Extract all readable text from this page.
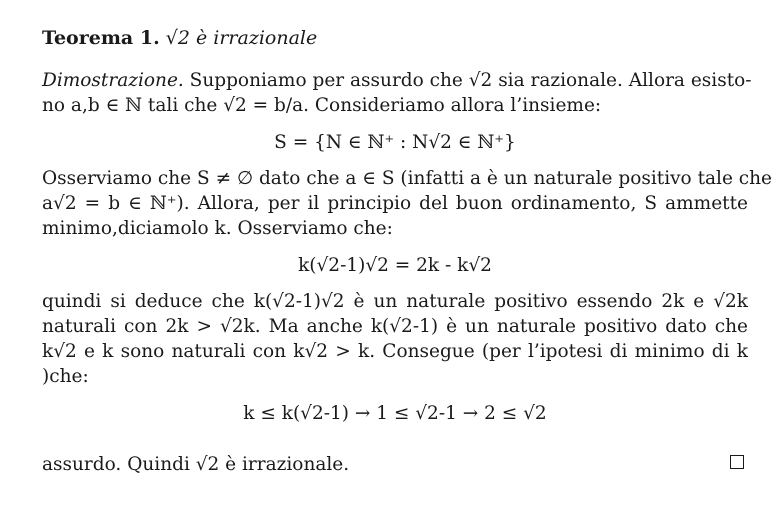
Teorema 1. √2 è irrazionale

Dimostrazione. Supponiamo per assurdo che √2 sia razionale. Allora esisto-

no a,b ∈ ℕ tali che √2 = b/a. Consideriamo allora l’insieme:

S = {N ∈ ℕ⁺ : N√2 ∈ ℕ⁺}

Osserviamo che S ≠ ∅ dato che a ∈ S (infatti a è un naturale positivo tale che

a√2 = b ∈ ℕ⁺). Allora, per il principio del buon ordinamento, S ammette

minimo,diciamolo k. Osserviamo che:

k(√2-1)√2 = 2k - k√2

quindi si deduce che k(√2-1)√2 è un naturale positivo essendo 2k e √2k

naturali con 2k > √2k. Ma anche k(√2-1) è un naturale positivo dato che

k√2 e k sono naturali con k√2 > k. Consegue (per l’ipotesi di minimo di k

)che:

k ≤ k(√2-1) → 1 ≤ √2-1 → 2 ≤ √2
assurdo. Quindi √2 è irrazionale.
